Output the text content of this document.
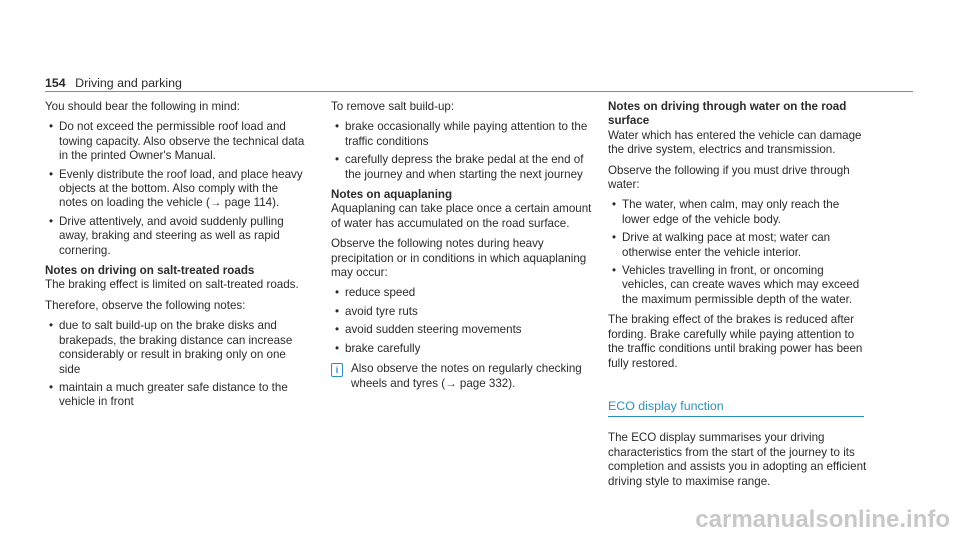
154 Driving and parking

You should bear the following in mind:

• Do not exceed the permissible roof load and towing capacity. Also observe the technical data in the printed Owner's Manual.
• Evenly distribute the roof load, and place heavy objects at the bottom. Also comply with the notes on loading the vehicle (→ page 114).
• Drive attentively, and avoid suddenly pulling away, braking and steering as well as rapid cornering.

Notes on driving on salt-treated roads

The braking effect is limited on salt-treated roads.

Therefore, observe the following notes:

• due to salt build-up on the brake disks and brakepads, the braking distance can increase considerably or result in braking only on one side
• maintain a much greater safe distance to the vehicle in front

To remove salt build-up:

• brake occasionally while paying attention to the traffic conditions
• carefully depress the brake pedal at the end of the journey and when starting the next journey

Notes on aquaplaning

Aquaplaning can take place once a certain amount of water has accumulated on the road surface.

Observe the following notes during heavy precipitation or in conditions in which aquaplaning may occur:

• reduce speed
• avoid tyre ruts
• avoid sudden steering movements
• brake carefully
i	Also observe the notes on regularly checking wheels and tyres (→ page 332).

Notes on driving through water on the road surface

Water which has entered the vehicle can damage the drive system, electrics and transmission.

Observe the following if you must drive through water:

• The water, when calm, may only reach the lower edge of the vehicle body.
• Drive at walking pace at most; water can otherwise enter the vehicle interior.
• Vehicles travelling in front, or oncoming vehicles, can create waves which may exceed the maximum permissible depth of the water.

The braking effect of the brakes is reduced after fording. Brake carefully while paying attention to the traffic conditions until braking power has been fully restored.

ECO display function

The ECO display summarises your driving characteristics from the start of the journey to its completion and assists you in adopting an efficient driving style to maximise range.

carmanualsonline.info
